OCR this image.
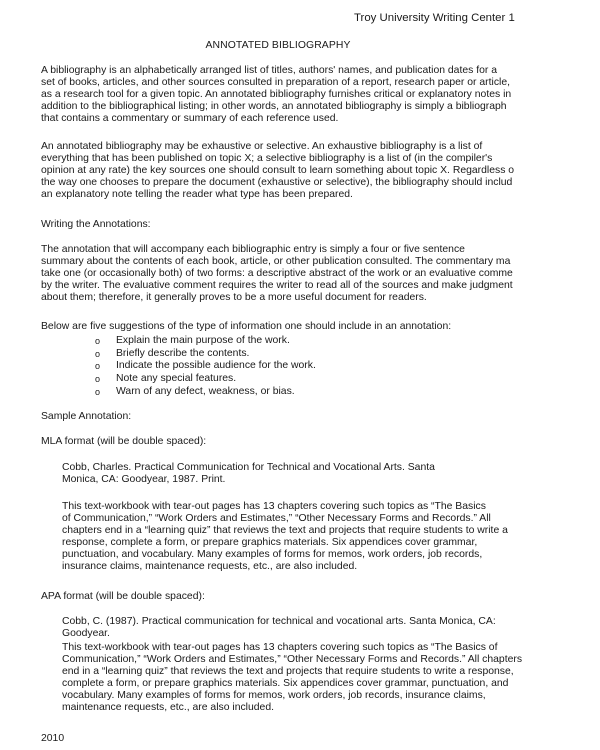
Troy University Writing Center 1
ANNOTATED BIBLIOGRAPHY
A bibliography is an alphabetically arranged list of titles, authors' names, and publication dates for a
set of books, articles, and other sources consulted in preparation of a report, research paper or article,
as a research tool for a given topic. An annotated bibliography furnishes critical or explanatory notes in
addition to the bibliographical listing; in other words, an annotated bibliography is simply a bibliograph
that contains a commentary or summary of each reference used.
An annotated bibliography may be exhaustive or selective. An exhaustive bibliography is a list of
everything that has been published on topic X; a selective bibliography is a list of (in the compiler's
opinion at any rate) the key sources one should consult to learn something about topic X. Regardless o
the way one chooses to prepare the document (exhaustive or selective), the bibliography should includ
an explanatory note telling the reader what type has been prepared.
Writing the Annotations:
The annotation that will accompany each bibliographic entry is simply a four or five sentence
summary about the contents of each book, article, or other publication consulted. The commentary ma
take one (or occasionally both) of two forms: a descriptive abstract of the work or an evaluative comme
by the writer. The evaluative comment requires the writer to read all of the sources and make judgment
about them; therefore, it generally proves to be a more useful document for readers.
Below are five suggestions of the type of information one should include in an annotation:
o	Explain the main purpose of the work.
o	Briefly describe the contents.
o	Indicate the possible audience for the work.
o	Note any special features.
o	Warn of any defect, weakness, or bias.
Sample Annotation:
MLA format (will be double spaced):
Cobb, Charles. Practical Communication for Technical and Vocational Arts. Santa
Monica, CA: Goodyear, 1987. Print.
This text-workbook with tear-out pages has 13 chapters covering such topics as “The Basics
of Communication,” “Work Orders and Estimates,” “Other Necessary Forms and Records.” All
chapters end in a “learning quiz” that reviews the text and projects that require students to write a
response, complete a form, or prepare graphics materials. Six appendices cover grammar,
punctuation, and vocabulary. Many examples of forms for memos, work orders, job records,
insurance claims, maintenance requests, etc., are also included.
APA format (will be double spaced):
Cobb, C. (1987). Practical communication for technical and vocational arts. Santa Monica, CA:
Goodyear.
This text-workbook with tear-out pages has 13 chapters covering such topics as “The Basics of
Communication,” “Work Orders and Estimates,” “Other Necessary Forms and Records.” All chapters
end in a “learning quiz” that reviews the text and projects that require students to write a response,
complete a form, or prepare graphics materials. Six appendices cover grammar, punctuation, and
vocabulary. Many examples of forms for memos, work orders, job records, insurance claims,
maintenance requests, etc., are also included.
2010
